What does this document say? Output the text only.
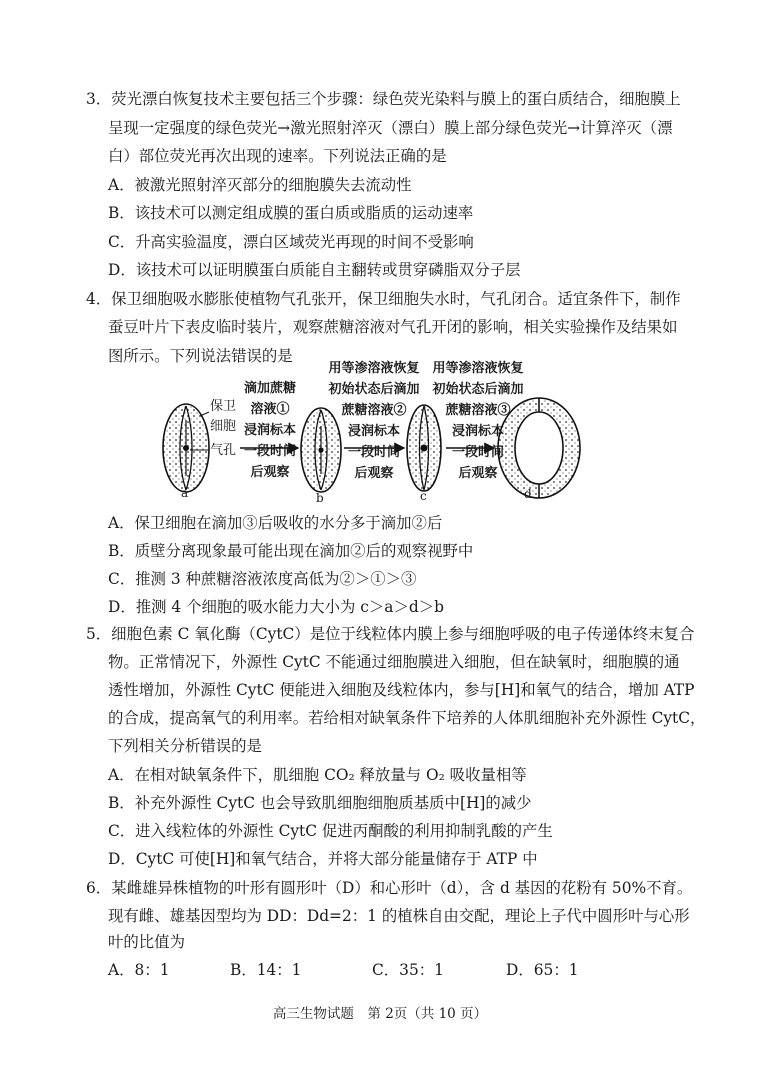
3．荧光漂白恢复技术主要包括三个步骤：绿色荧光染料与膜上的蛋白质结合，细胞膜上
呈现一定强度的绿色荧光→激光照射淬灭（漂白）膜上部分绿色荧光→计算淬灭（漂
白）部位荧光再次出现的速率。下列说法正确的是
A．被激光照射淬灭部分的细胞膜失去流动性
B．该技术可以测定组成膜的蛋白质或脂质的运动速率
C．升高实验温度，漂白区域荧光再现的时间不受影响
D．该技术可以证明膜蛋白质能自主翻转或贯穿磷脂双分子层
4．保卫细胞吸水膨胀使植物气孔张开，保卫细胞失水时，气孔闭合。适宜条件下，制作
蚕豆叶片下表皮临时装片，观察蔗糖溶液对气孔开闭的影响，相关实验操作及结果如
图所示。下列说法错误的是
保卫
细胞
气孔
a	b	c	d
滴加蔗糖
溶液①
浸润标本
一段时间
后观察
用等渗溶液恢复
初始状态后滴加
蔗糖溶液②
浸润标本
一段时间
后观察
用等渗溶液恢复
初始状态后滴加
蔗糖溶液③
浸润标本
一段时间
后观察
A．保卫细胞在滴加③后吸收的水分多于滴加②后
B．质壁分离现象最可能出现在滴加②后的观察视野中
C．推测 3 种蔗糖溶液浓度高低为②＞①＞③
D．推测 4 个细胞的吸水能力大小为 c＞a＞d＞b
5．细胞色素 C 氧化酶（CytC）是位于线粒体内膜上参与细胞呼吸的电子传递体终末复合
物。正常情况下，外源性 CytC 不能通过细胞膜进入细胞，但在缺氧时，细胞膜的通
透性增加，外源性 CytC 便能进入细胞及线粒体内，参与[H]和氧气的结合，增加 ATP
的合成，提高氧气的利用率。若给相对缺氧条件下培养的人体肌细胞补充外源性 CytC，
下列相关分析错误的是
A．在相对缺氧条件下，肌细胞 CO₂ 释放量与 O₂ 吸收量相等
B．补充外源性 CytC 也会导致肌细胞细胞质基质中[H]的减少
C．进入线粒体的外源性 CytC 促进丙酮酸的利用抑制乳酸的产生
D．CytC 可使[H]和氧气结合，并将大部分能量储存于 ATP 中
6．某雌雄异株植物的叶形有圆形叶（D）和心形叶（d），含 d 基因的花粉有 50%不育。
现有雌、雄基因型均为 DD：Dd=2：1 的植株自由交配，理论上子代中圆形叶与心形
叶的比值为
A．8：1	B．14：1	C．35：1	D．65：1
高三生物试题　第 2页（共 10 页）
